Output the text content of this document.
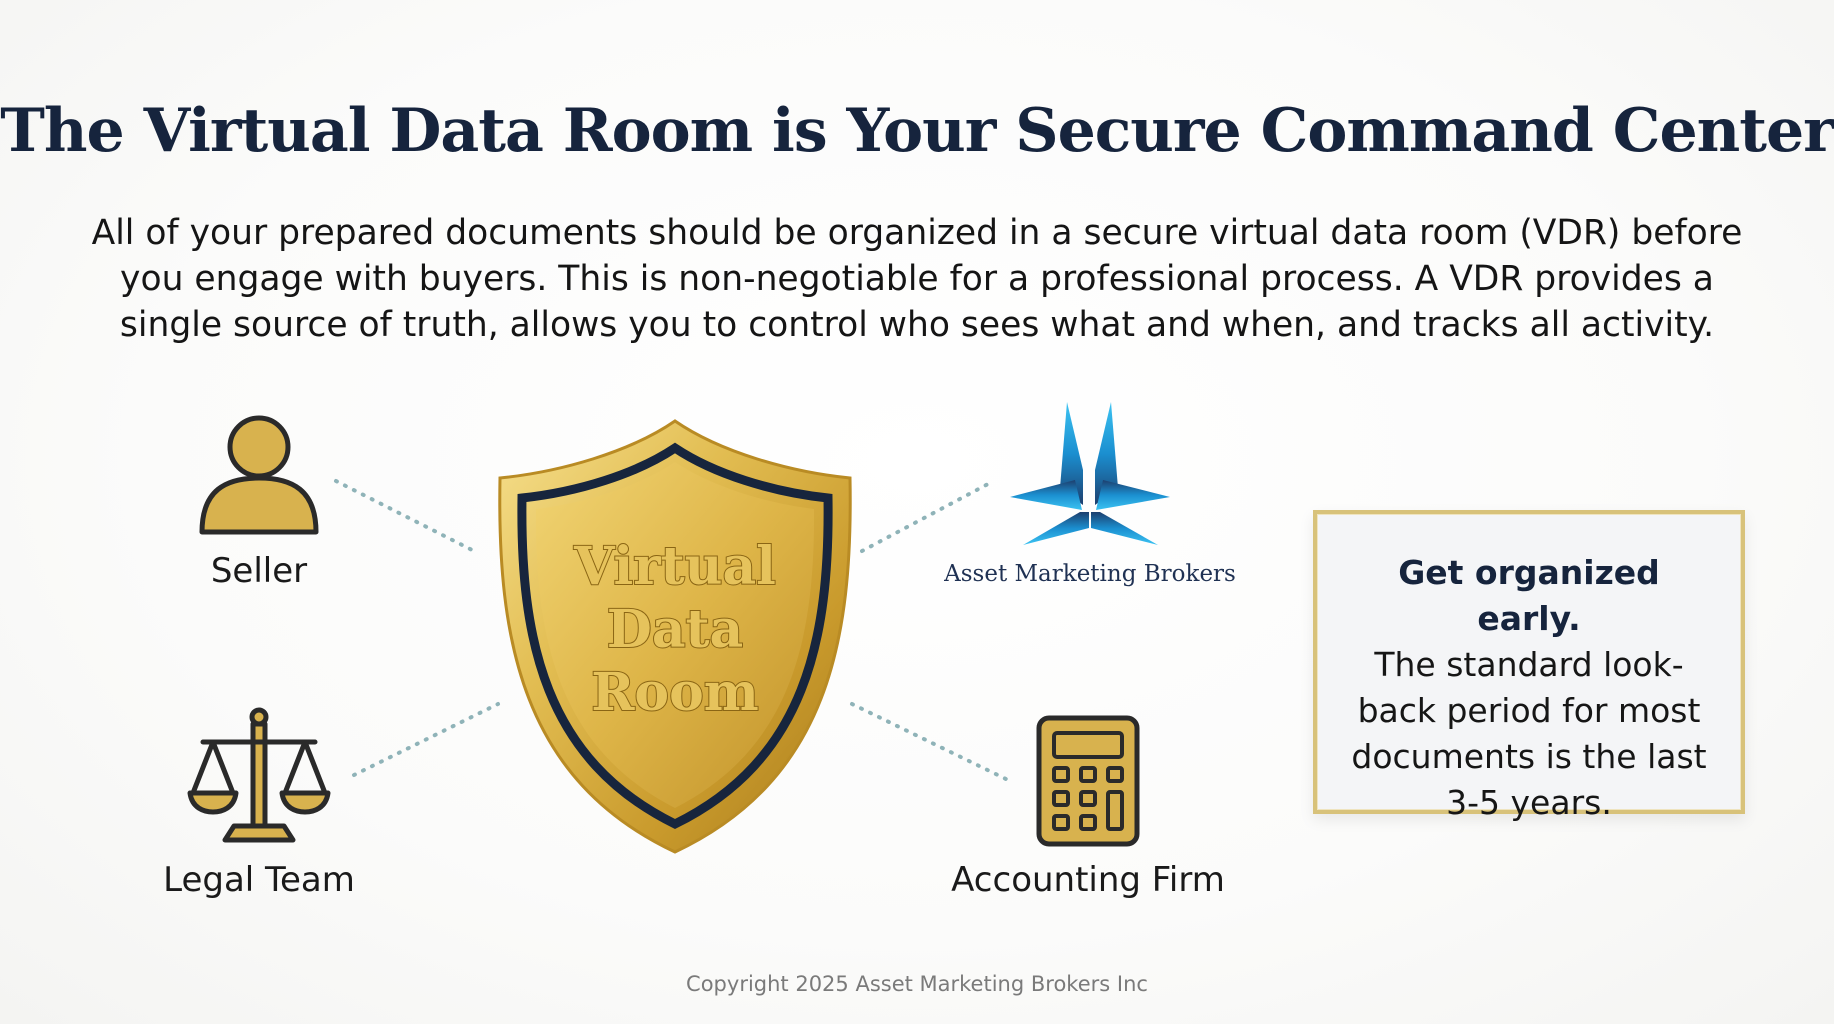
The Virtual Data Room is Your Secure Command Center
All of your prepared documents should be organized in a secure virtual data room (VDR) before you engage with buyers. This is non-negotiable for a professional process. A VDR provides a single source of truth, allows you to control who sees what and when, and tracks all activity.
Virtual
Data
Room
Seller
Legal Team
Asset Marketing Brokers
Accounting Firm
Get organized early.
The standard look-back period for most documents is the last 3-5 years.
Copyright 2025 Asset Marketing Brokers Inc
